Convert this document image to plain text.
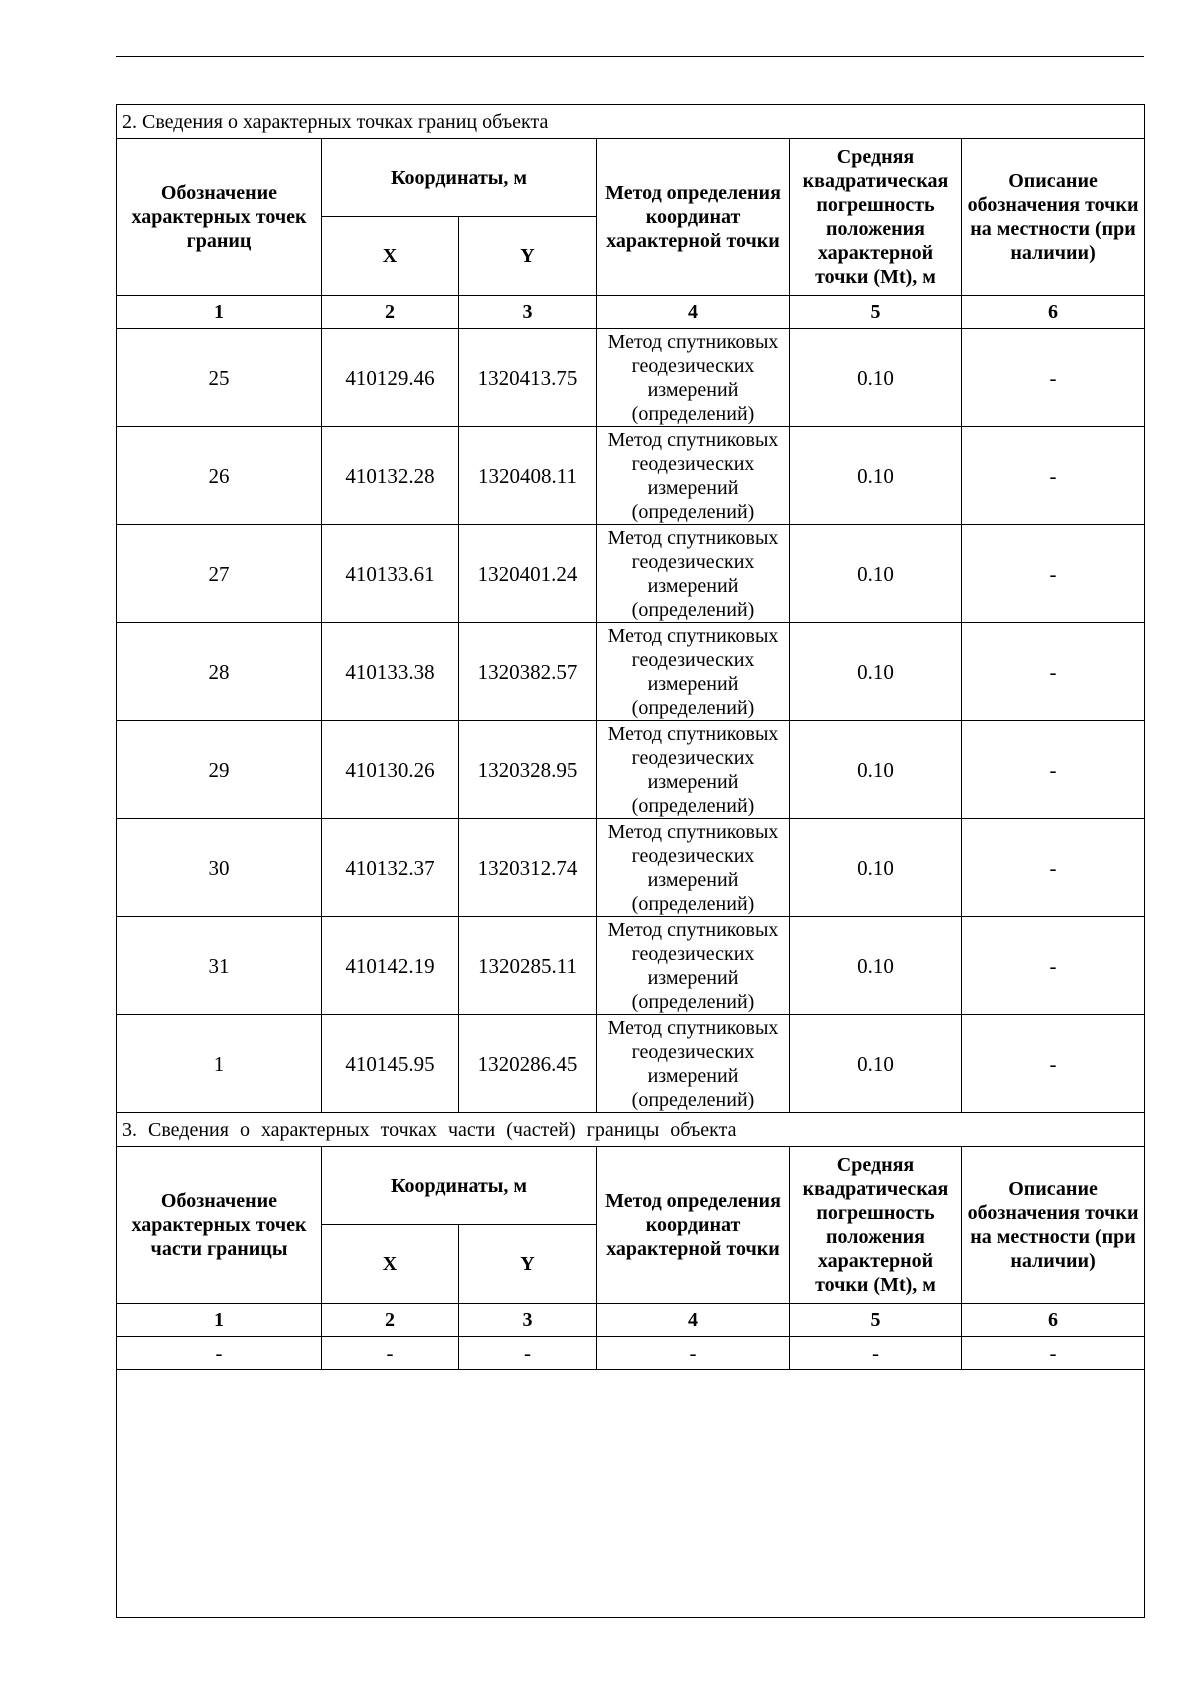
2. Сведения о характерных точках границ объекта					
Обозначение характерных точек границ	Координаты, м		Метод определения координат характерной точки	Средняя квадратическая погрешность положения характерной точки (Mt), м	Описание обозначения точки на местности (при наличии)
	X	Y			
1	2	3	4	5	6
25	410129.46	1320413.75	Метод спутниковых геодезических измерений (определений)	0.10	-
26	410132.28	1320408.11	Метод спутниковых геодезических измерений (определений)	0.10	-
27	410133.61	1320401.24	Метод спутниковых геодезических измерений (определений)	0.10	-
28	410133.38	1320382.57	Метод спутниковых геодезических измерений (определений)	0.10	-
29	410130.26	1320328.95	Метод спутниковых геодезических измерений (определений)	0.10	-
30	410132.37	1320312.74	Метод спутниковых геодезических измерений (определений)	0.10	-
31	410142.19	1320285.11	Метод спутниковых геодезических измерений (определений)	0.10	-
1	410145.95	1320286.45	Метод спутниковых геодезических измерений (определений)	0.10	-
3. Сведения о характерных точках части (частей) границы объекта					
Обозначение характерных точек части границы	Координаты, м		Метод определения координат характерной точки	Средняя квадратическая погрешность положения характерной точки (Mt), м	Описание обозначения точки на местности (при наличии)
	X	Y			
1	2	3	4	5	6
-	-	-	-	-	-
